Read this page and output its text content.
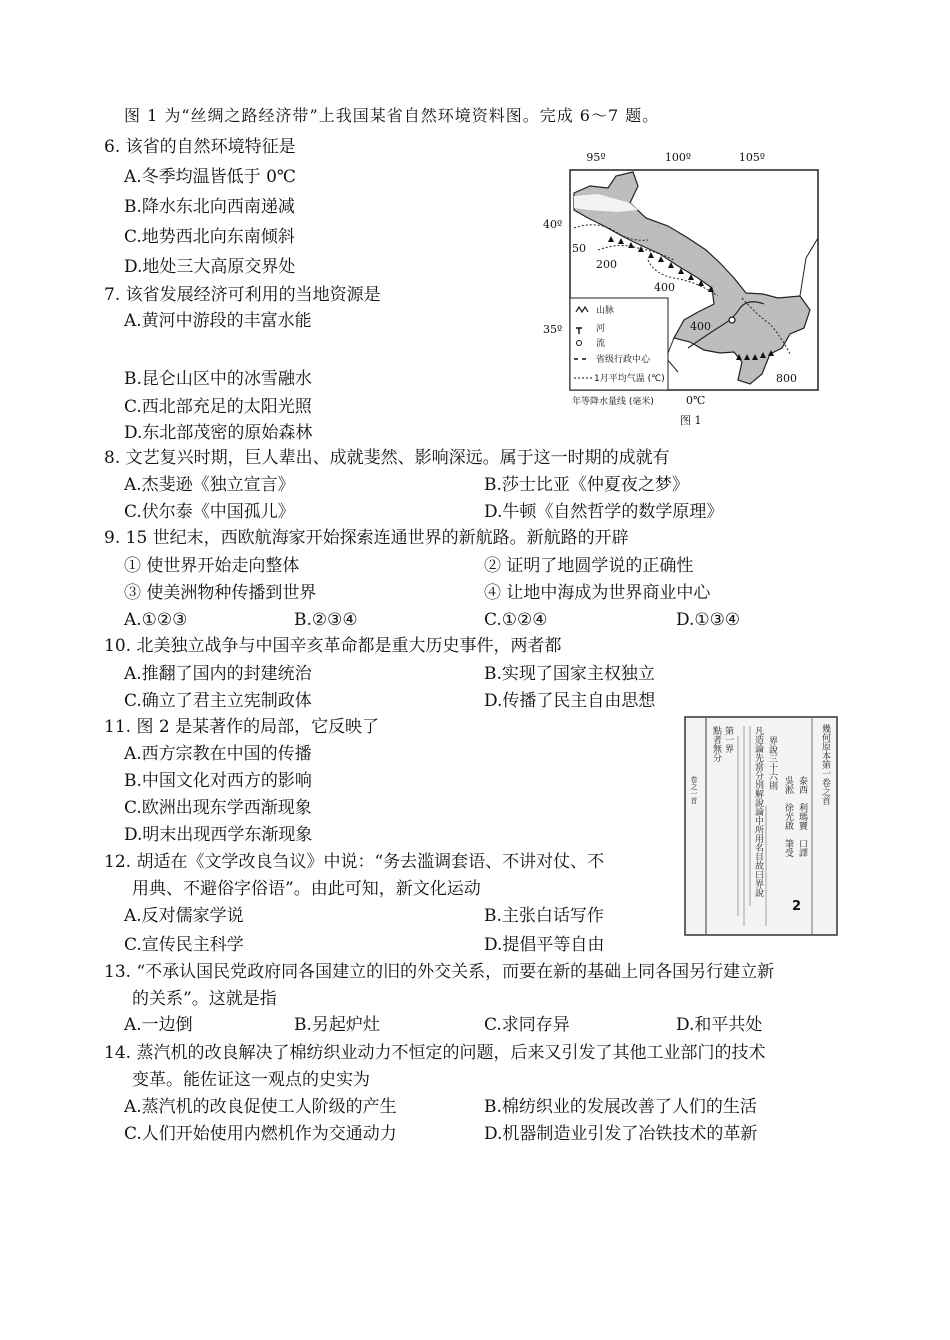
图 1 为“丝绸之路经济带”上我国某省自然环境资料图。完成 6～7 题。
6. 该省的自然环境特征是
A.冬季均温皆低于 0℃
B.降水东北向西南递减
C.地势西北向东南倾斜
D.地处三大高原交界处
7. 该省发展经济可利用的当地资源是
A.黄河中游段的丰富水能
B.昆仑山区中的冰雪融水
C.西北部充足的太阳光照
D.东北部茂密的原始森林
8. 文艺复兴时期，巨人辈出、成就斐然、影响深远。属于这一时期的成就有
A.杰斐逊《独立宣言》	B.莎士比亚《仲夏夜之梦》
C.伏尔泰《中国孤儿》	D.牛顿《自然哲学的数学原理》
9. 15 世纪末，西欧航海家开始探索连通世界的新航路。新航路的开辟
① 使世界开始走向整体	② 证明了地圆学说的正确性
③ 使美洲物种传播到世界	④ 让地中海成为世界商业中心
A.①②③	B.②③④	C.①②④	D.①③④
10. 北美独立战争与中国辛亥革命都是重大历史事件，两者都
A.推翻了国内的封建统治	B.实现了国家主权独立
C.确立了君主立宪制政体	D.传播了民主自由思想
11. 图 2 是某著作的局部，它反映了
A.西方宗教在中国的传播
B.中国文化对西方的影响
C.欧洲出现东学西渐现象
D.明末出现西学东渐现象
12. 胡适在《文学改良刍议》中说：“务去滥调套语、不讲对仗、不
用典、不避俗字俗语”。由此可知，新文化运动
A.反对儒家学说	B.主张白话写作
C.宣传民主科学	D.提倡平等自由
13. “不承认国民党政府同各国建立的旧的外交关系，而要在新的基础上同各国另行建立新
的关系”。这就是指
A.一边倒	B.另起炉灶	C.求同存异	D.和平共处
14. 蒸汽机的改良解决了棉纺织业动力不恒定的问题，后来又引发了其他工业部门的技术
变革。能佐证这一观点的史实为
A.蒸汽机的改良促使工人阶级的产生	B.棉纺织业的发展改善了人们的生活
C.人们开始使用内燃机作为交通动力	D.机器制造业引发了冶铁技术的革新
95º	100º	105º
40º
35º
50
200
400
400
800
山脉
河
流
省级行政中心
1月平均气温 (℃)
年等降水量线 (毫米)	0℃
图 1
幾何原本第一卷之首
泰西　利瑪竇　口譯
吳淞　徐光啟　筆受
界說三十六則
凡造論先當分別解說論中所用名目故曰界說
第一界
點者無分
卷之一首
2
